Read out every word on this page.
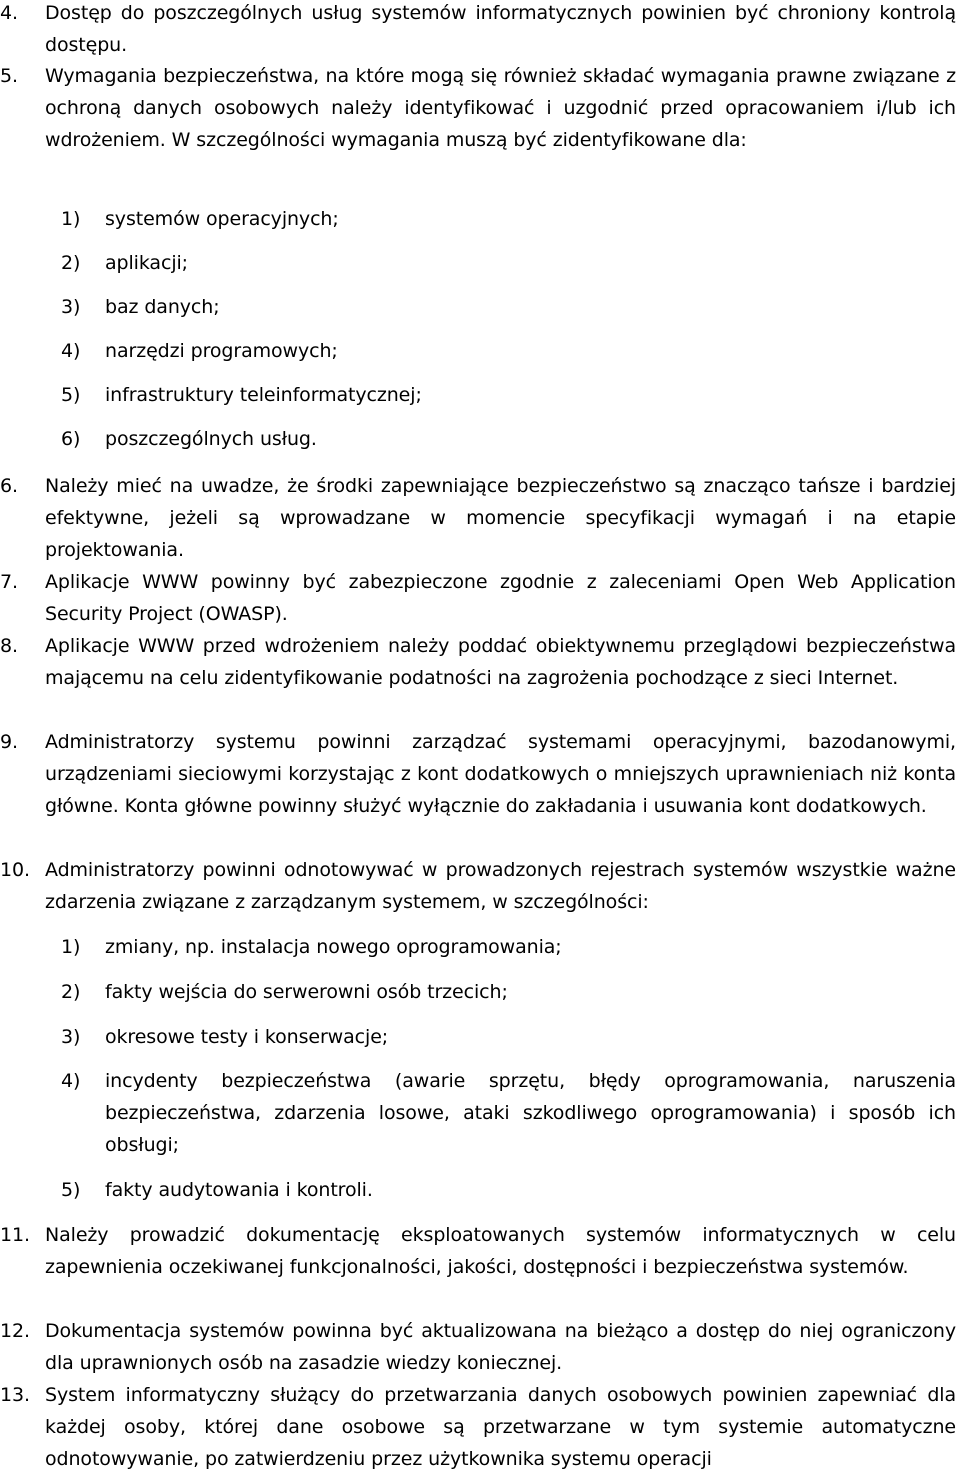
4. Dostęp do poszczególnych usług systemów informatycznych powinien być chroniony kontrolą dostępu.
5. Wymagania bezpieczeństwa, na które mogą się również składać wymagania prawne związane z ochroną danych osobowych należy identyfikować i uzgodnić przed opracowaniem i/lub ich wdrożeniem. W szczególności wymagania muszą być zidentyfikowane dla:
1) systemów operacyjnych;
2) aplikacji;
3) baz danych;
4) narzędzi programowych;
5) infrastruktury teleinformatycznej;
6) poszczególnych usług.
6. Należy mieć na uwadze, że środki zapewniające bezpieczeństwo są znacząco tańsze i bardziej efektywne, jeżeli są wprowadzane w momencie specyfikacji wymagań i na etapie projektowania.
7. Aplikacje WWW powinny być zabezpieczone zgodnie z zaleceniami Open Web Application Security Project (OWASP).
8. Aplikacje WWW przed wdrożeniem należy poddać obiektywnemu przeglądowi bezpieczeństwa mającemu na celu zidentyfikowanie podatności na zagrożenia pochodzące z sieci Internet.
9. Administratorzy systemu powinni zarządzać systemami operacyjnymi, bazodanowymi, urządzeniami sieciowymi korzystając z kont dodatkowych o mniejszych uprawnieniach niż konta główne. Konta główne powinny służyć wyłącznie do zakładania i usuwania kont dodatkowych.
10. Administratorzy powinni odnotowywać w prowadzonych rejestrach systemów wszystkie ważne zdarzenia związane z zarządzanym systemem, w szczególności:
1) zmiany, np. instalacja nowego oprogramowania;
2) fakty wejścia do serwerowni osób trzecich;
3) okresowe testy i konserwacje;
4) incydenty bezpieczeństwa (awarie sprzętu, błędy oprogramowania, naruszenia bezpieczeństwa, zdarzenia losowe, ataki szkodliwego oprogramowania) i sposób ich obsługi;
5) fakty audytowania i kontroli.
11. Należy prowadzić dokumentację eksploatowanych systemów informatycznych w celu zapewnienia oczekiwanej funkcjonalności, jakości, dostępności i bezpieczeństwa systemów.
12. Dokumentacja systemów powinna być aktualizowana na bieżąco a dostęp do niej ograniczony dla uprawnionych osób na zasadzie wiedzy koniecznej.
13. System informatyczny służący do przetwarzania danych osobowych powinien zapewniać dla każdej osoby, której dane osobowe są przetwarzane w tym systemie automatyczne odnotowywanie, po zatwierdzeniu przez użytkownika systemu operacji
